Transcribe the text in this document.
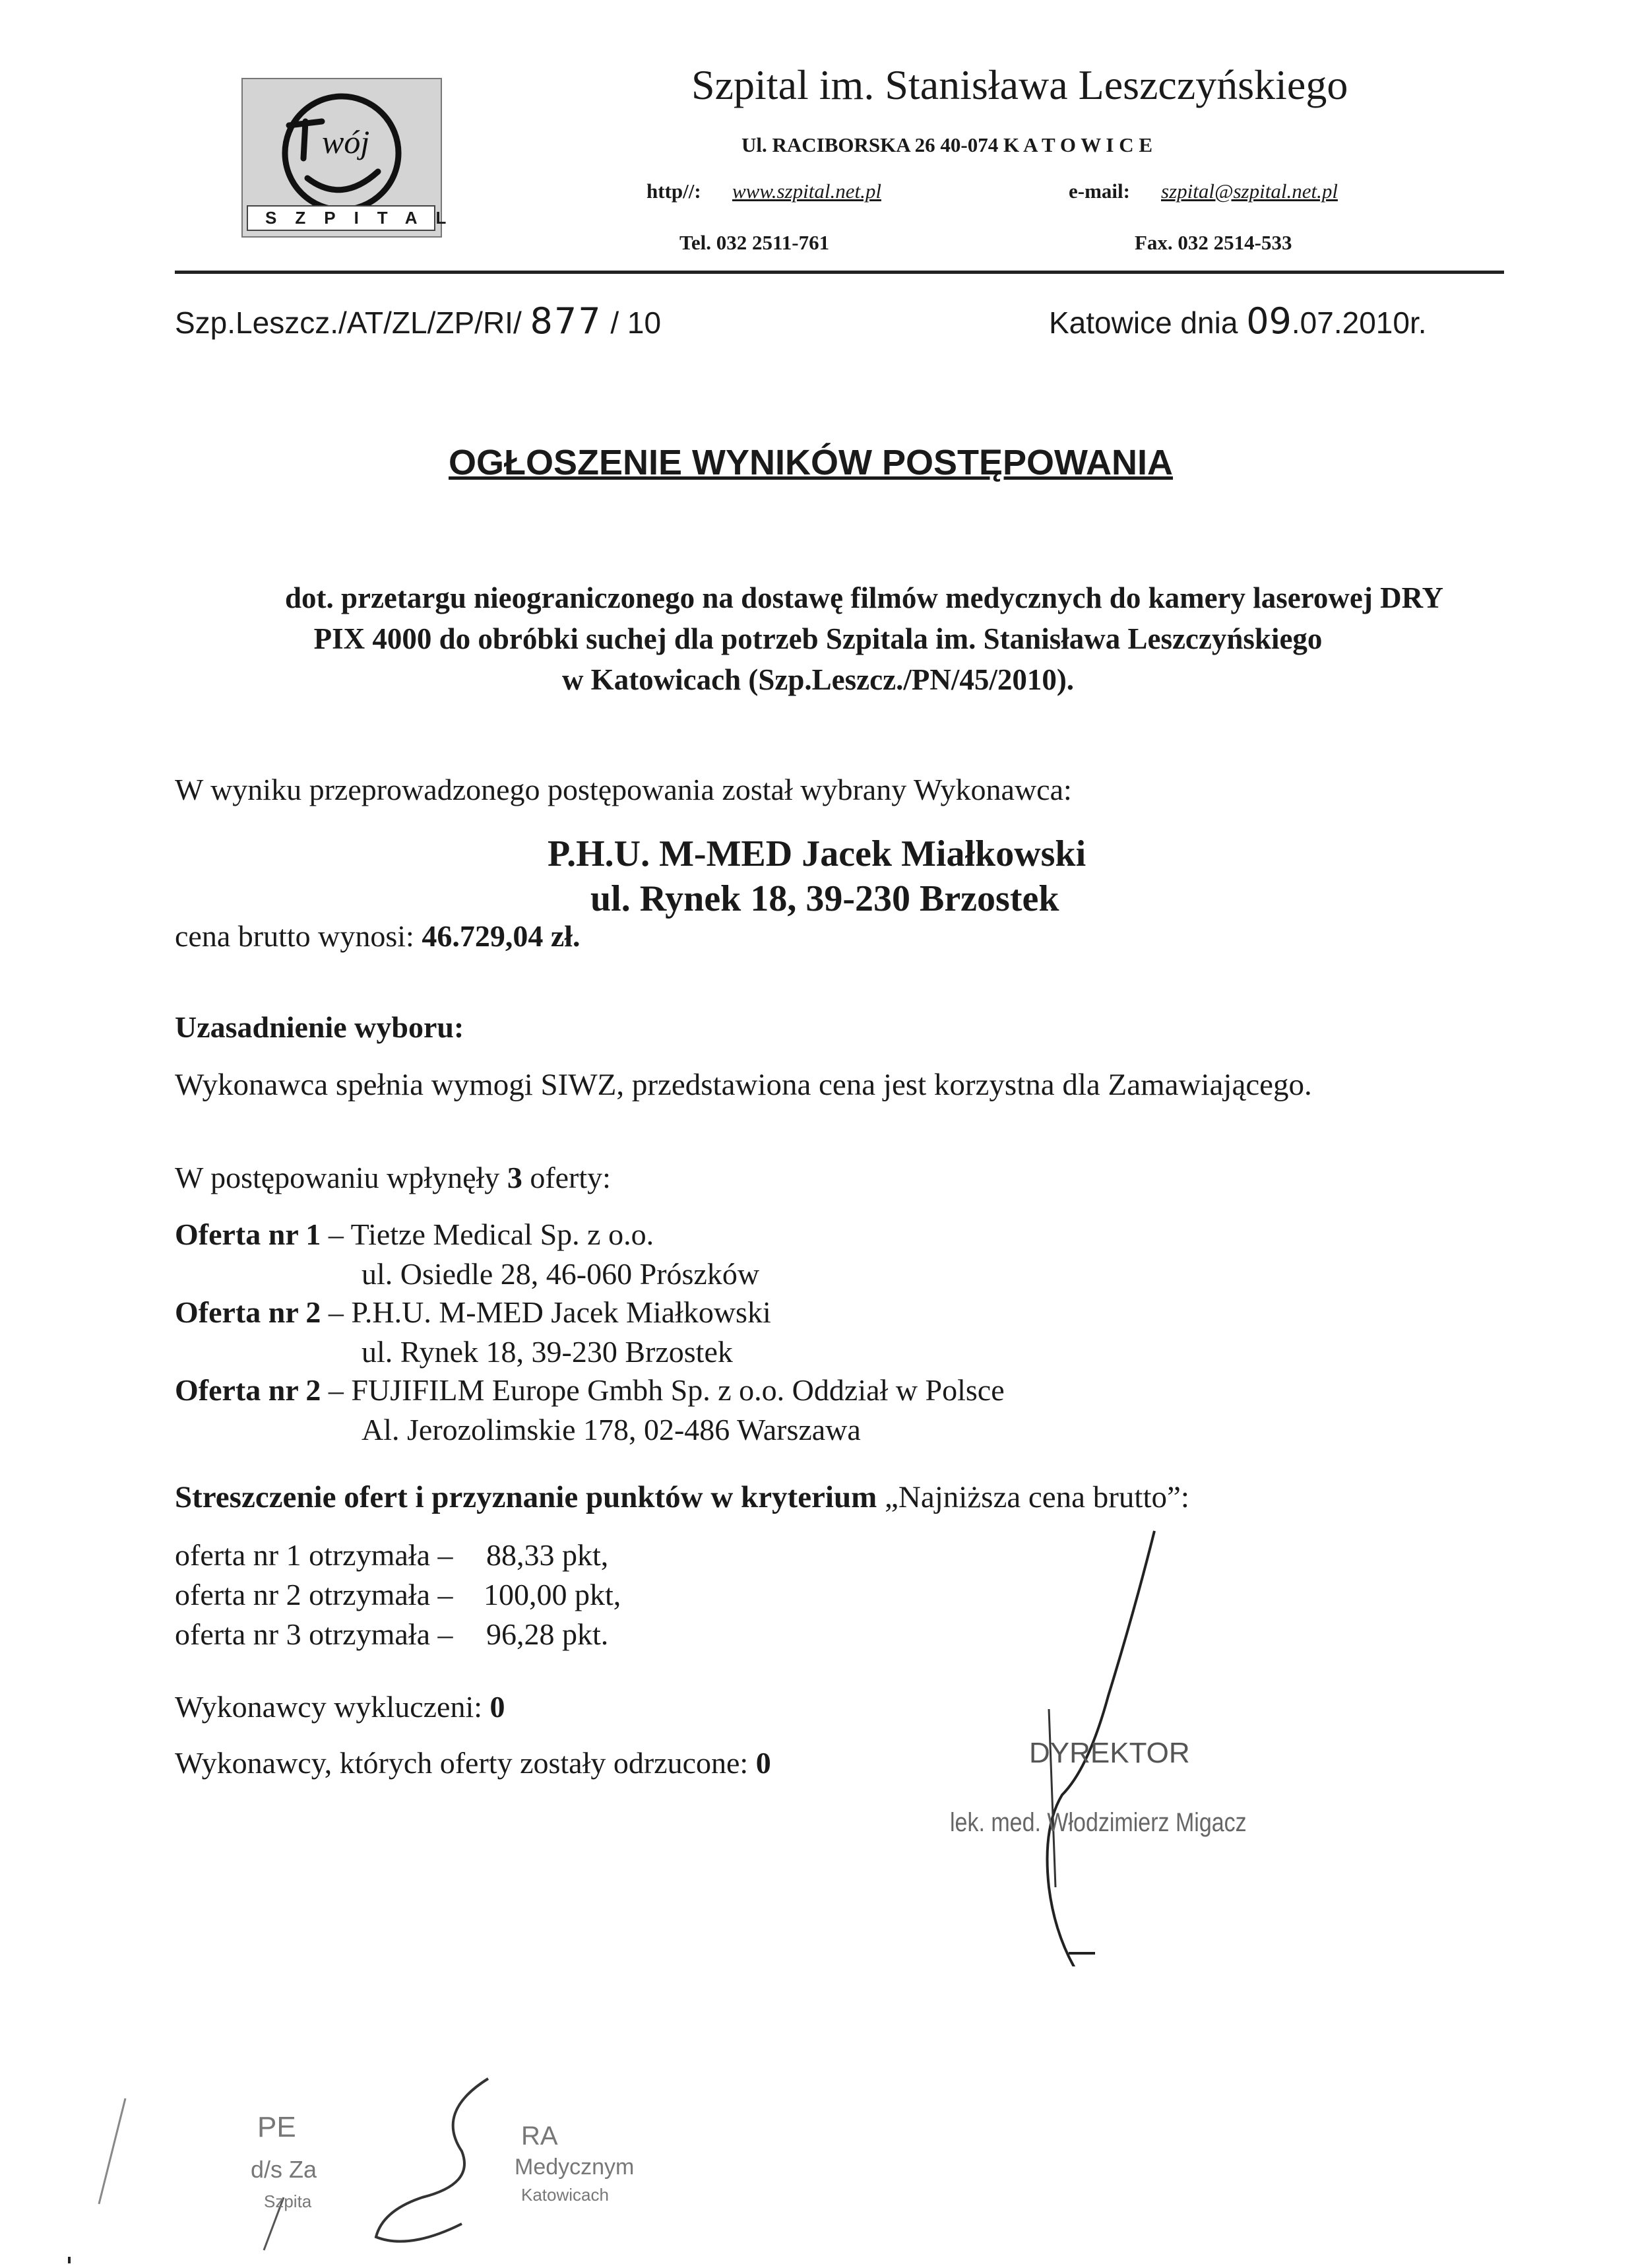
wój
SZPITAL
Szpital im. Stanisława Leszczyńskiego
Ul. RACIBORSKA 26 40-074 K A T O W I C E
http//: www.szpital.net.pl	e-mail: szpital@szpital.net.pl
Tel. 032 2511-761	Fax. 032 2514-533
Szp.Leszcz./AT/ZL/ZP/RI/ 877 / 10	Katowice dnia 09.07.2010r.
OGŁOSZENIE WYNIKÓW POSTĘPOWANIA
dot. przetargu nieograniczonego na dostawę filmów medycznych do kamery laserowej DRY
PIX 4000 do obróbki suchej dla potrzeb Szpitala im. Stanisława Leszczyńskiego
w Katowicach (Szp.Leszcz./PN/45/2010).
W wyniku przeprowadzonego postępowania został wybrany Wykonawca:
P.H.U. M-MED Jacek Miałkowski
ul. Rynek 18, 39-230 Brzostek
cena brutto wynosi: 46.729,04 zł.
Uzasadnienie wyboru:
Wykonawca spełnia wymogi SIWZ, przedstawiona cena jest korzystna dla Zamawiającego.
W postępowaniu wpłynęły 3 oferty:
Oferta nr 1 – Tietze Medical Sp. z o.o.
ul. Osiedle 28, 46-060 Prószków
Oferta nr 2 – P.H.U. M-MED Jacek Miałkowski
ul. Rynek 18, 39-230 Brzostek
Oferta nr 2 – FUJIFILM Europe Gmbh Sp. z o.o. Oddział w Polsce
Al. Jerozolimskie 178, 02-486 Warszawa
Streszczenie ofert i przyznanie punktów w kryterium „Najniższa cena brutto”:
oferta nr 1 otrzymała – 88,33 pkt,
oferta nr 2 otrzymała – 100,00 pkt,
oferta nr 3 otrzymała – 96,28 pkt.
Wykonawcy wykluczeni: 0
Wykonawcy, których oferty zostały odrzucone: 0	DYREKTOR
lek. med. Włodzimierz Migacz
PE	RA
Medycznym
d/s Za
Katowicach
Szpita
